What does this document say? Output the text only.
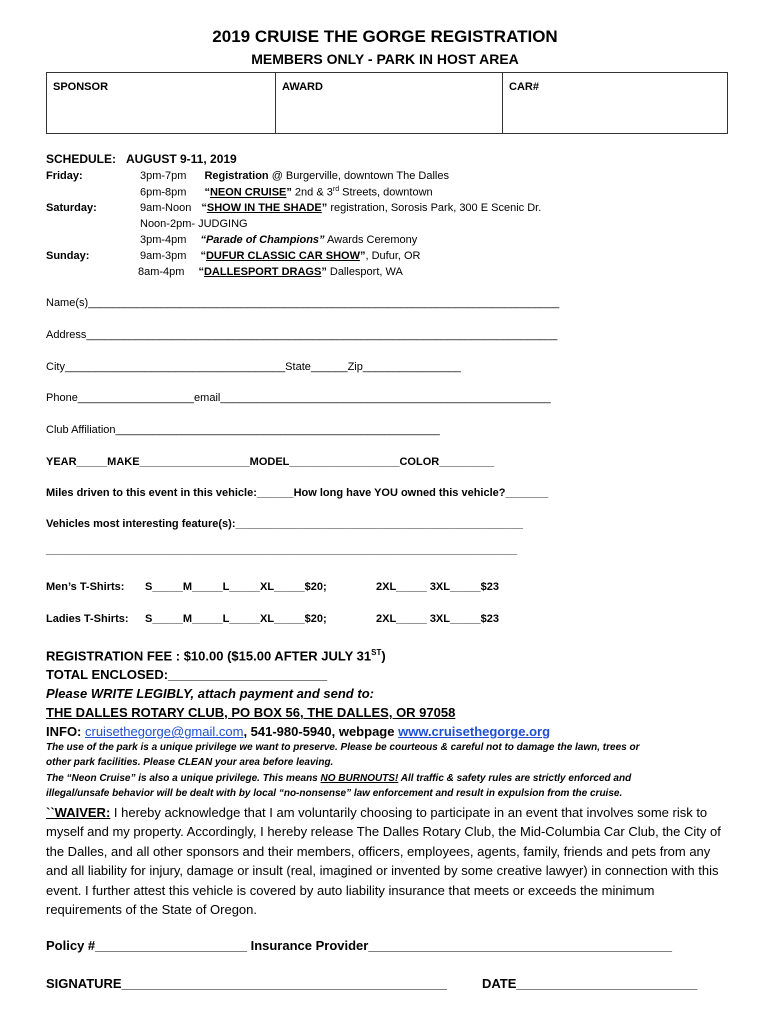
2019 CRUISE THE GORGE REGISTRATION
MEMBERS ONLY - PARK IN HOST AREA
SPONSOR	AWARD	CAR#
SCHEDULE: AUGUST 9-11, 2019
Friday:	3pm-7pm Registration @ Burgerville, downtown The Dalles
6pm-8pm “NEON CRUISE” 2nd & 3rd Streets, downtown
Saturday:	9am-Noon “SHOW IN THE SHADE” registration, Sorosis Park, 300 E Scenic Dr.
Noon-2pm- JUDGING
3pm-4pm “Parade of Champions” Awards Ceremony
Sunday:	9am-3pm “DUFUR CLASSIC CAR SHOW”, Dufur, OR
8am-4pm “DALLESPORT DRAGS” Dallesport, WA
Name(s)_____________________________________________________________________________
Address_____________________________________________________________________________
City____________________________________State______Zip________________
Phone___________________email______________________________________________________
Club Affiliation_____________________________________________________
YEAR_____MAKE__________________MODEL__________________COLOR_________
Miles driven to this event in this vehicle:______How long have YOU owned this vehicle?_______
Vehicles most interesting feature(s):_______________________________________________
_____________________________________________________________________________
Men’s T-Shirts: S_____M_____L_____XL_____$20;	2XL_____ 3XL_____$23
Ladies T-Shirts: S_____M_____L_____XL_____$20;	2XL_____ 3XL_____$23
REGISTRATION FEE : $10.00 ($15.00 AFTER JULY 31ST)
TOTAL ENCLOSED:______________________
Please WRITE LEGIBLY, attach payment and send to:
THE DALLES ROTARY CLUB, PO BOX 56, THE DALLES, OR 97058
INFO: cruisethegorge@gmail.com, 541-980-5940, webpage www.cruisethegorge.org
The use of the park is a unique privilege we want to preserve. Please be courteous & careful not to damage the lawn, trees or
other park facilities. Please CLEAN your area before leaving.
The “Neon Cruise” is also a unique privilege. This means NO BURNOUTS! All traffic & safety rules are strictly enforced and
illegal/unsafe behavior will be dealt with by local “no-nonsense” law enforcement and result in expulsion from the cruise.
``WAIVER: I hereby acknowledge that I am voluntarily choosing to participate in an event that involves some risk to myself and my property. Accordingly, I hereby release The Dalles Rotary Club, the Mid-Columbia Car Club, the City of the Dalles, and all other sponsors and their members, officers, employees, agents, family, friends and pets from any and all liability for injury, damage or insult (real, imagined or invented by some creative lawyer) in connection with this event. I further attest this vehicle is covered by auto liability insurance that meets or exceeds the minimum requirements of the State of Oregon.
Policy #_____________________ Insurance Provider__________________________________________
SIGNATURE_____________________________________________	DATE_________________________
